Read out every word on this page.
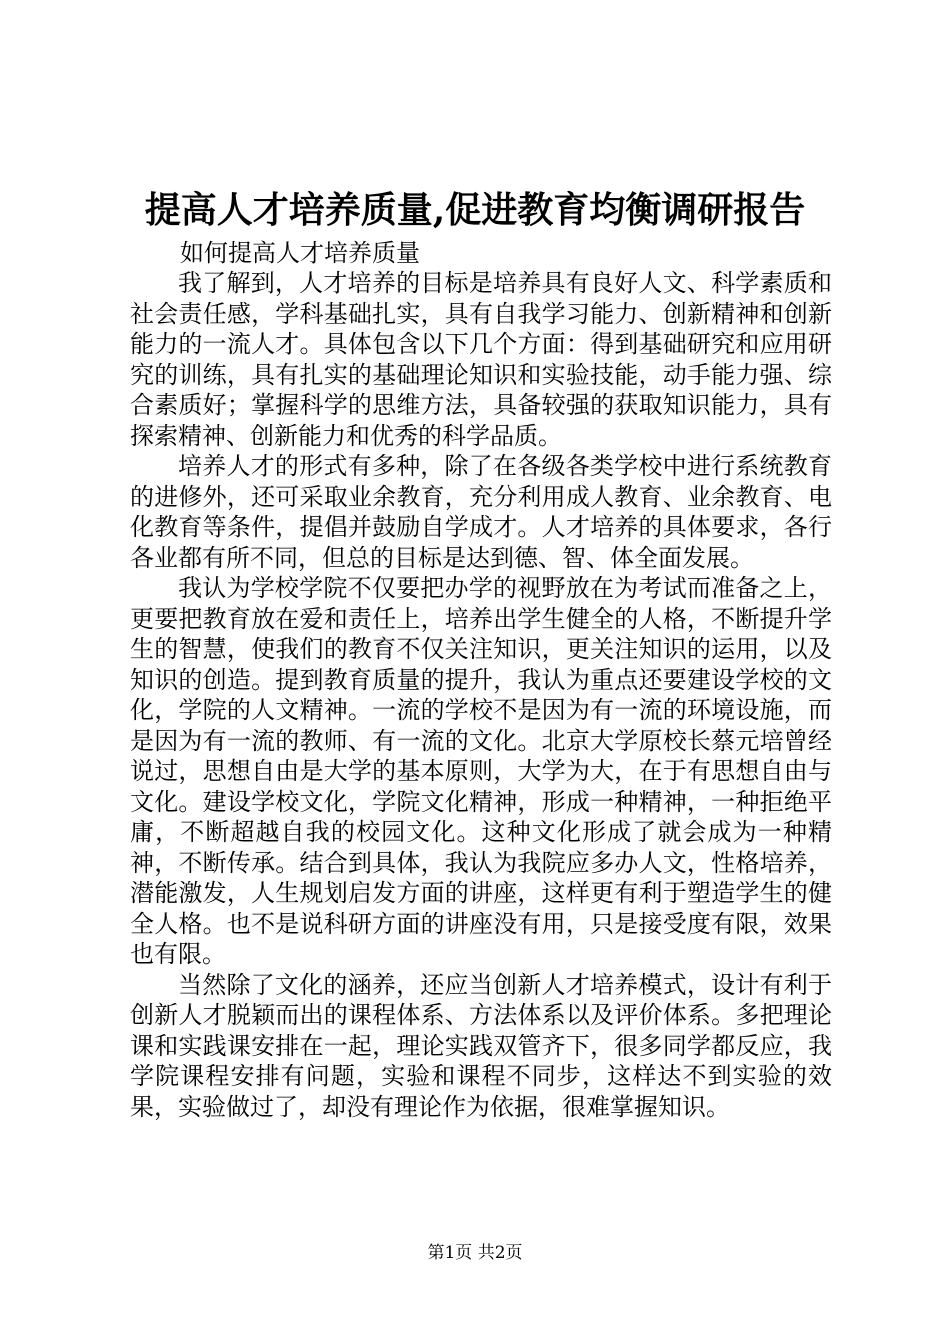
提高人才培养质量,促进教育均衡调研报告
如何提高人才培养质量

我了解到，人才培养的目标是培养具有良好人文、科学素质和社会责任感，学科基础扎实，具有自我学习能力、创新精神和创新能力的一流人才。具体包含以下几个方面：得到基础研究和应用研究的训练，具有扎实的基础理论知识和实验技能，动手能力强、综合素质好；掌握科学的思维方法，具备较强的获取知识能力，具有探索精神、创新能力和优秀的科学品质。

培养人才的形式有多种，除了在各级各类学校中进行系统教育的进修外，还可采取业余教育，充分利用成人教育、业余教育、电化教育等条件，提倡并鼓励自学成才。人才培养的具体要求，各行各业都有所不同，但总的目标是达到德、智、体全面发展。

我认为学校学院不仅要把办学的视野放在为考试而准备之上，更要把教育放在爱和责任上，培养出学生健全的人格，不断提升学生的智慧，使我们的教育不仅关注知识，更关注知识的运用，以及知识的创造。提到教育质量的提升，我认为重点还要建设学校的文化，学院的人文精神。一流的学校不是因为有一流的环境设施，而是因为有一流的教师、有一流的文化。北京大学原校长蔡元培曾经说过，思想自由是大学的基本原则，大学为大，在于有思想自由与文化。建设学校文化，学院文化精神，形成一种精神，一种拒绝平庸，不断超越自我的校园文化。这种文化形成了就会成为一种精神，不断传承。结合到具体，我认为我院应多办人文，性格培养，潜能激发，人生规划启发方面的讲座，这样更有利于塑造学生的健全人格。也不是说科研方面的讲座没有用，只是接受度有限，效果也有限。

当然除了文化的涵养，还应当创新人才培养模式，设计有利于创新人才脱颖而出的课程体系、方法体系以及评价体系。多把理论课和实践课安排在一起，理论实践双管齐下，很多同学都反应，我学院课程安排有问题，实验和课程不同步，这样达不到实验的效果，实验做过了，却没有理论作为依据，很难掌握知识。

第1页 共2页
